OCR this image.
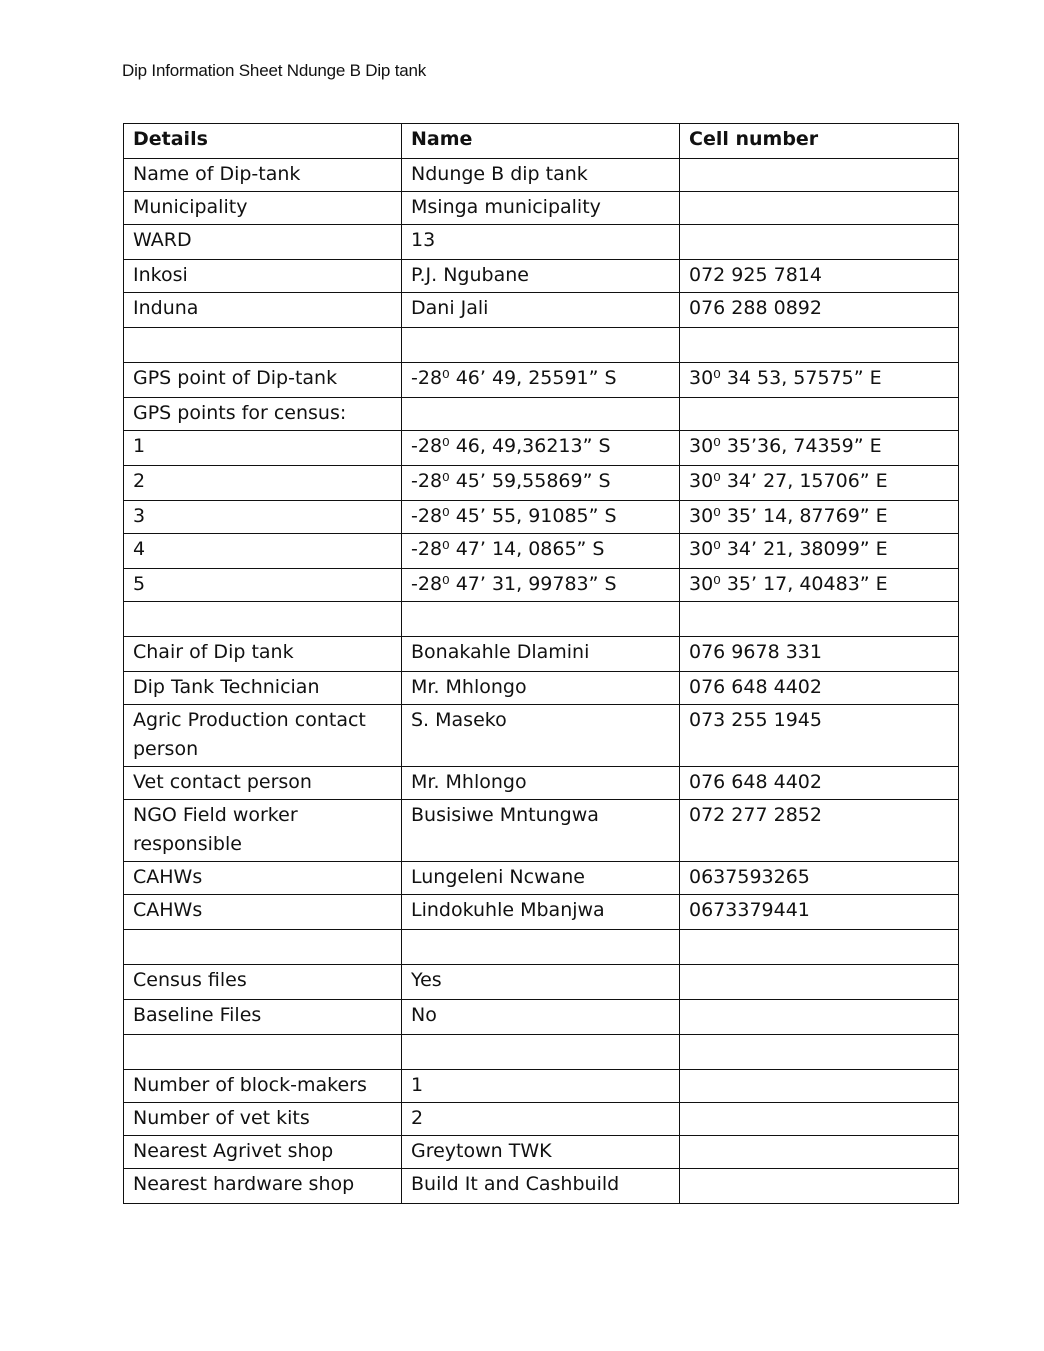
Dip Information Sheet Ndunge B Dip tank
Details	Name	Cell number
Name of Dip-tank	Ndunge B dip tank	
Municipality	Msinga municipality	
WARD	13	
Inkosi	P.J. Ngubane	072 925 7814
Induna	Dani Jali	076 288 0892

GPS point of Dip-tank	-28⁰ 46’ 49, 25591” S	30⁰ 34 53, 57575” E
GPS points for census:		
1	-28⁰ 46, 49,36213” S	30⁰ 35’36, 74359” E
2	-28⁰ 45’ 59,55869” S	30⁰ 34’ 27, 15706” E
3	-28⁰ 45’ 55, 91085” S	30⁰ 35’ 14, 87769” E
4	-28⁰ 47’ 14, 0865” S	30⁰ 34’ 21, 38099” E
5	-28⁰ 47’ 31, 99783” S	30⁰ 35’ 17, 40483” E

Chair of Dip tank	Bonakahle Dlamini	076 9678 331
Dip Tank Technician	Mr. Mhlongo	076 648 4402
Agric Production contact person	S. Maseko	073 255 1945
Vet contact person	Mr. Mhlongo	076 648 4402
NGO Field worker responsible	Busisiwe Mntungwa	072 277 2852
CAHWs	Lungeleni Ncwane	0637593265
CAHWs	Lindokuhle Mbanjwa	0673379441

Census files	Yes	
Baseline Files	No	

Number of block-makers	1	
Number of vet kits	2	
Nearest Agrivet shop	Greytown TWK	
Nearest hardware shop	Build It and Cashbuild	
